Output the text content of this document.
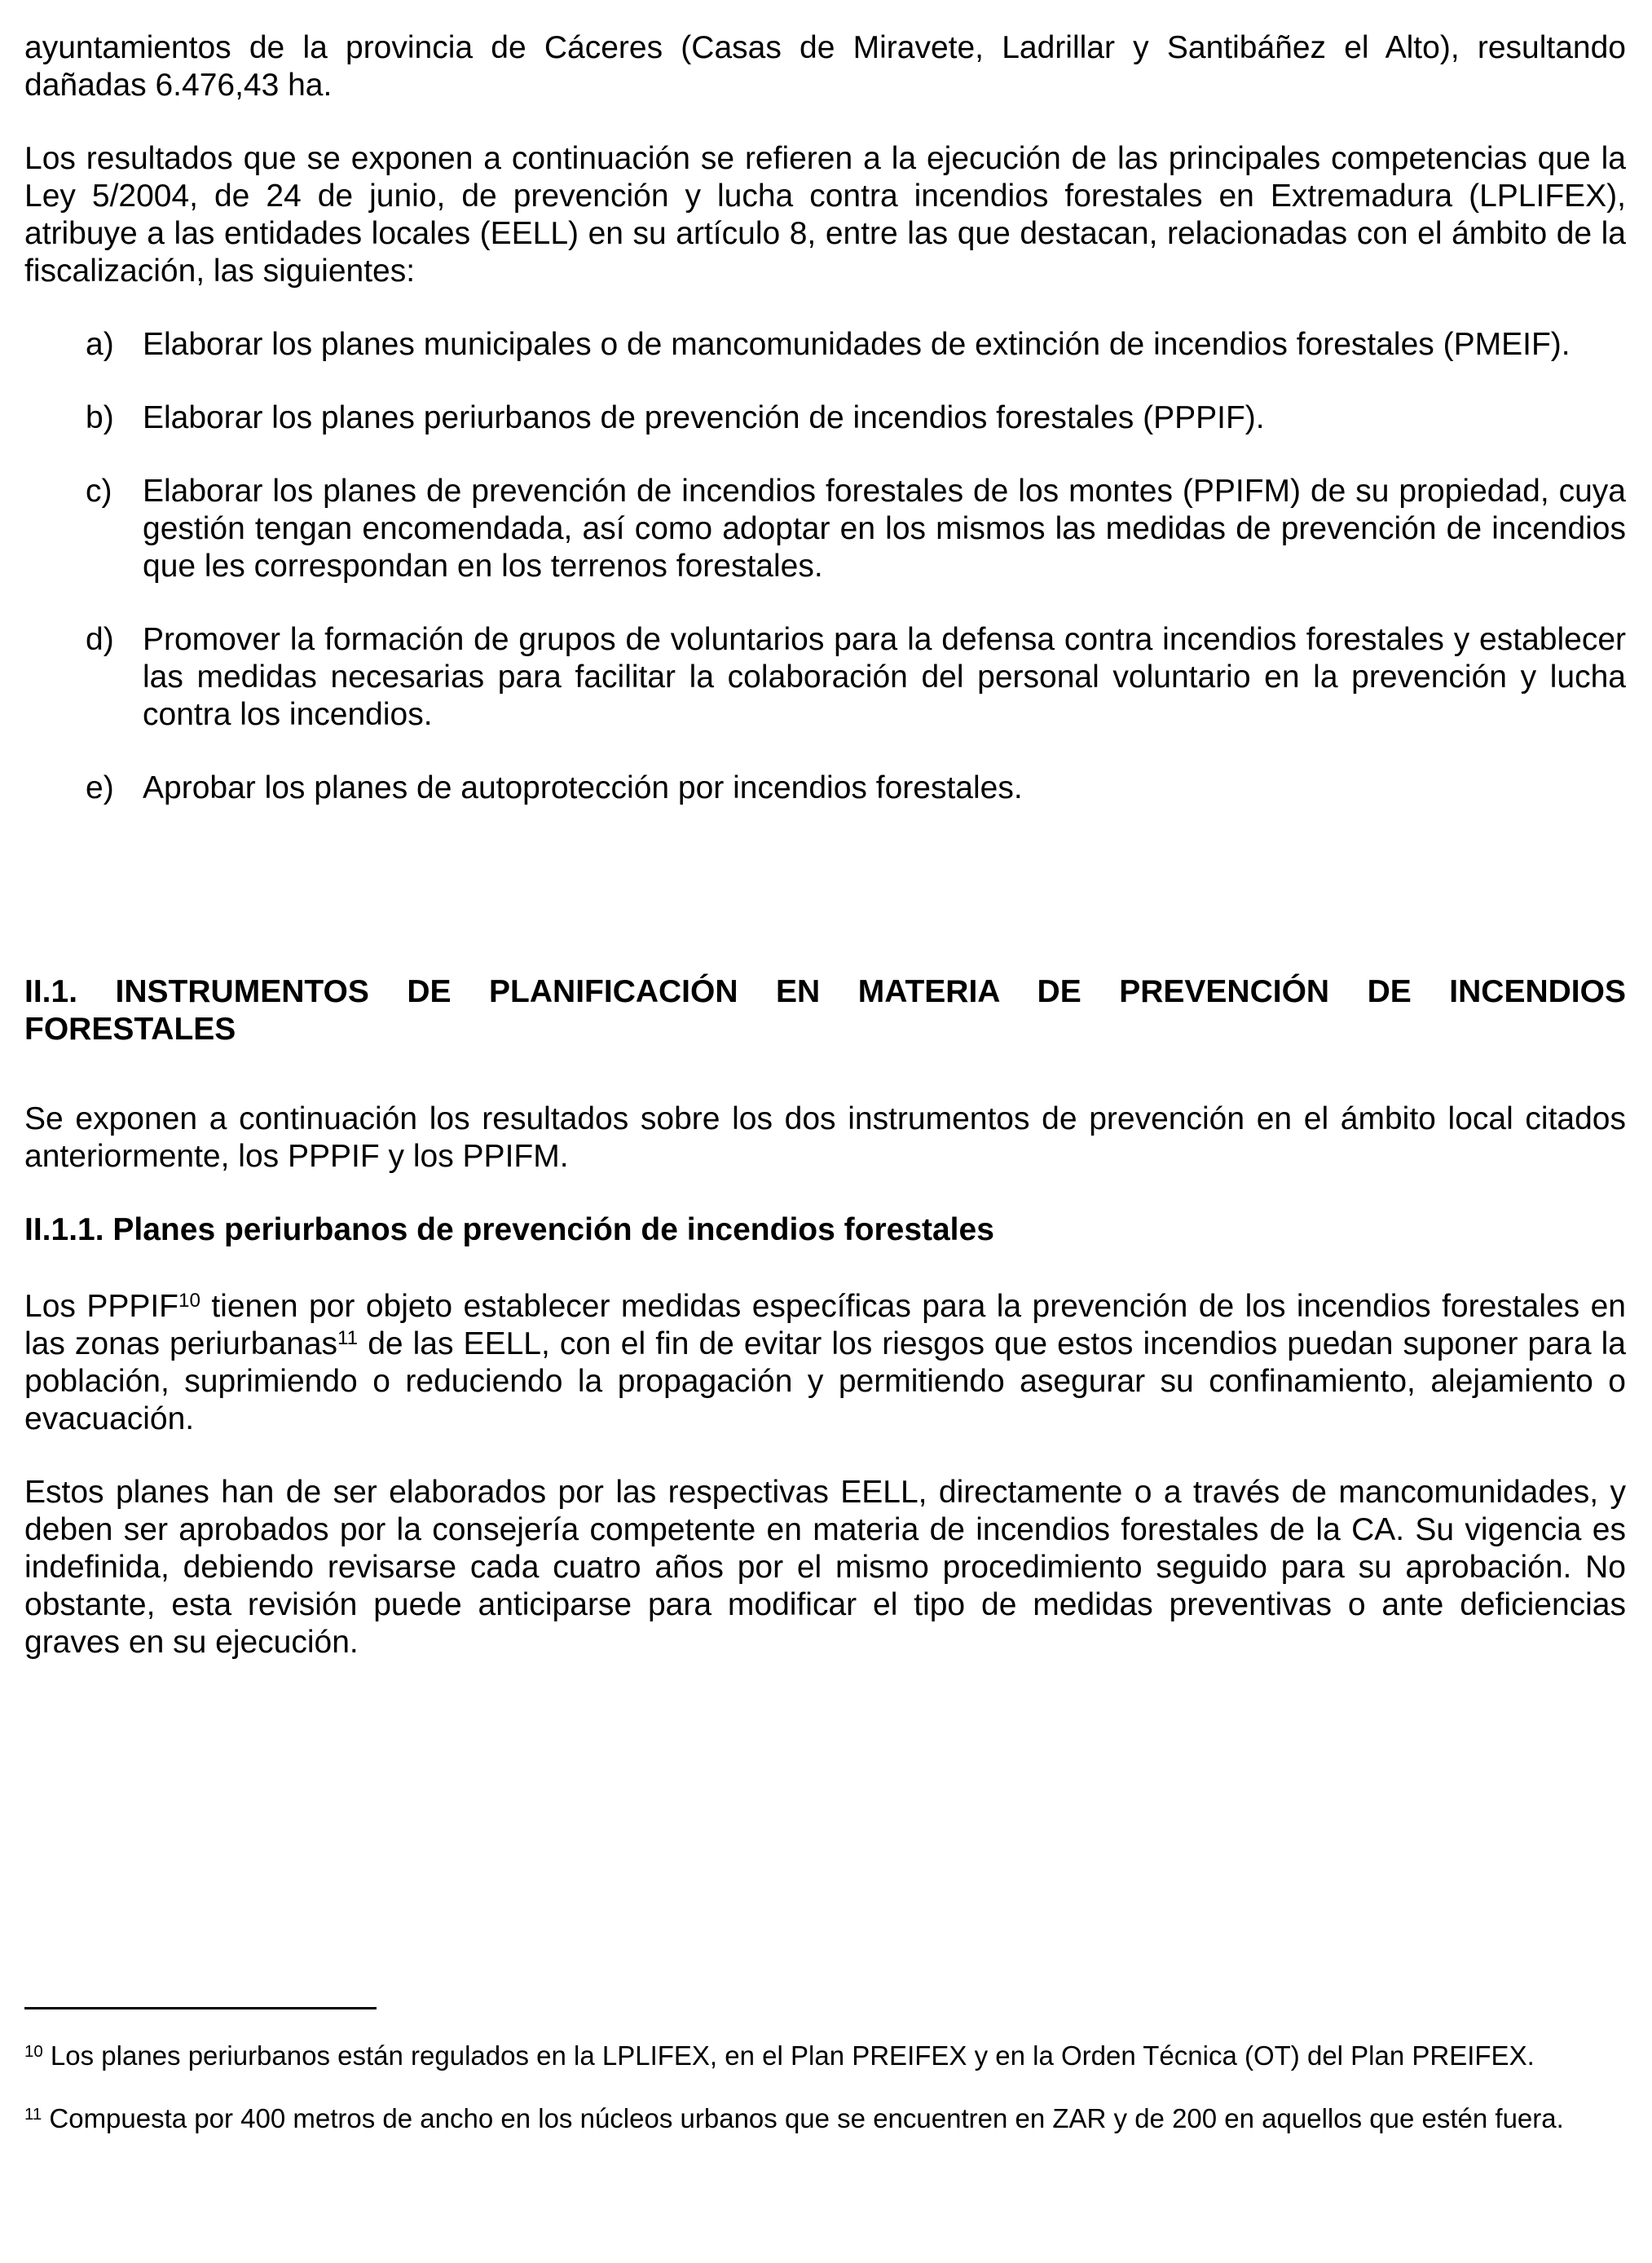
ayuntamientos de la provincia de Cáceres (Casas de Miravete, Ladrillar y Santibáñez el Alto), resultando dañadas 6.476,43 ha.

Los resultados que se exponen a continuación se refieren a la ejecución de las principales competencias que la Ley 5/2004, de 24 de junio, de prevención y lucha contra incendios forestales en Extremadura (LPLIFEX), atribuye a las entidades locales (EELL) en su artículo 8, entre las que destacan, relacionadas con el ámbito de la fiscalización, las siguientes:

a) Elaborar los planes municipales o de mancomunidades de extinción de incendios forestales (PMEIF).
b) Elaborar los planes periurbanos de prevención de incendios forestales (PPPIF).
c) Elaborar los planes de prevención de incendios forestales de los montes (PPIFM) de su propiedad, cuya gestión tengan encomendada, así como adoptar en los mismos las medidas de prevención de incendios que les correspondan en los terrenos forestales.
d) Promover la formación de grupos de voluntarios para la defensa contra incendios forestales y establecer las medidas necesarias para facilitar la colaboración del personal voluntario en la prevención y lucha contra los incendios.
e) Aprobar los planes de autoprotección por incendios forestales.
II.1. INSTRUMENTOS DE PLANIFICACIÓN EN MATERIA DE PREVENCIÓN DE INCENDIOS
FORESTALES

Se exponen a continuación los resultados sobre los dos instrumentos de prevención en el ámbito local citados anteriormente, los PPPIF y los PPIFM.

II.1.1. Planes periurbanos de prevención de incendios forestales

Los PPPIF$^{10}$ tienen por objeto establecer medidas específicas para la prevención de los incendios forestales en las zonas periurbanas$^{11}$ de las EELL, con el fin de evitar los riesgos que estos incendios puedan suponer para la población, suprimiendo o reduciendo la propagación y permitiendo asegurar su confinamiento, alejamiento o evacuación.

Estos planes han de ser elaborados por las respectivas EELL, directamente o a través de mancomunidades, y deben ser aprobados por la consejería competente en materia de incendios forestales de la CA. Su vigencia es indefinida, debiendo revisarse cada cuatro años por el mismo procedimiento seguido para su aprobación. No obstante, esta revisión puede anticiparse para modificar el tipo de medidas preventivas o ante deficiencias graves en su ejecución.

$^{10}$ Los planes periurbanos están regulados en la LPLIFEX, en el Plan PREIFEX y en la Orden Técnica (OT) del Plan PREIFEX.

$^{11}$ Compuesta por 400 metros de ancho en los núcleos urbanos que se encuentren en ZAR y de 200 en aquellos que estén fuera.
